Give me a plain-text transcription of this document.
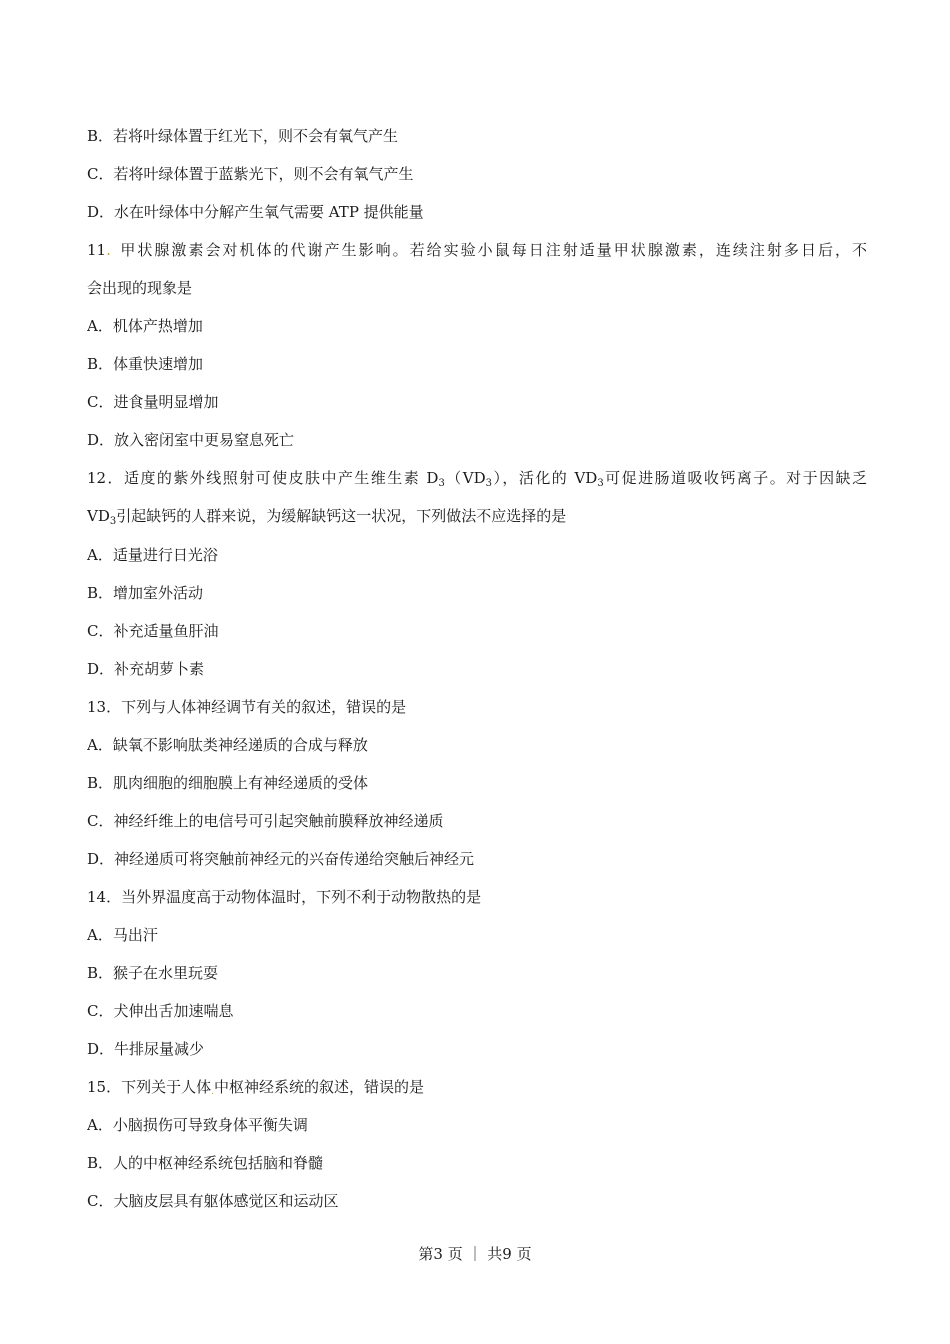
B．若将叶绿体置于红光下，则不会有氧气产生
C．若将叶绿体置于蓝紫光下，则不会有氧气产生
D．水在叶绿体中分解产生氧气需要 ATP 提供能量
11.  甲状腺激素会对机体的代谢产生影响。若给实验小鼠每日注射适量甲状腺激素，连续注射多日后，不
会出现的现象是
A．机体产热增加
B．体重快速增加
C．进食量明显增加
D．放入密闭室中更易窒息死亡
12．适度的紫外线照射可使皮肤中产生维生素 $D_3(VD_3)$，活化的 $VD_3$可促进肠道吸收钙离子。对于因缺乏
$VD_3$引起缺钙的人群来说，为缓解缺钙这一状况，下列做法不应选择的是
A．适量进行日光浴
B．增加室外活动
C．补充适量鱼肝油
D．补充胡萝卜素
13．下列与人体神经调节有关的叙述，错误的是
A．缺氧不影响肽类神经递质的合成与释放
B．肌肉细胞的细胞膜上有神经递质的受体
C．神经纤维上的电信号可引起突触前膜释放神经递质
D．神经递质可将突触前神经元的兴奋传递给突触后神经元
14．当外界温度高于动物体温时，下列不利于动物散热的是
A．马出汗
B．猴子在水里玩耍
C．犬伸出舌加速喘息
D．牛排尿量减少
15．下列关于人体.中枢神经系统的叙述，错误的是
A．小脑损伤可导致身体平衡失调
B．人的中枢神经系统包括脑和脊髓
C．大脑皮层具有躯体感觉区和运动区
第3 页 ｜ 共9 页
